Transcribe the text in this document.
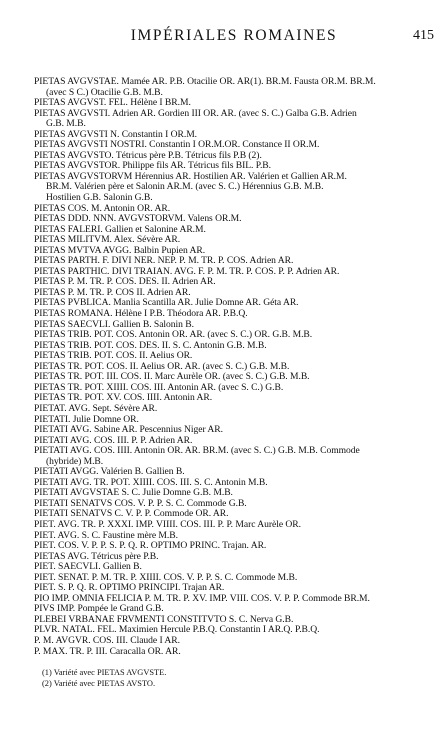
IMPÉRIALES ROMAINES	415
PIETAS AVGVSTAE. Mamée AR. P.B. Otacilie OR. AR(1). BR.M. Fausta OR.M. BR.M.
(avec S C.) Otacilie G.B. M.B.
PIETAS AVGVST. FEL. Hélène I BR.M.
PIETAS AVGVSTI. Adrien AR. Gordien III OR. AR. (avec S. C.) Galba G.B. Adrien
G.B. M.B.
PIETAS AVGVSTI N. Constantin I OR.M.
PIETAS AVGVSTI NOSTRI. Constantin I OR.M.OR. Constance II OR.M.
PIETAS AVGVSTO. Tétricus père P.B. Tétricus fils P.B (2).
PIETAS AVGVSTOR. Philippe fils AR. Tétricus fils BIL. P.B.
PIETAS AVGVSTORVM Hérennius AR. Hostilien AR. Valérien et Gallien AR.M.
BR.M. Valérien père et Salonin AR.M. (avec S. C.) Hérennius G.B. M.B.
Hostilien G.B. Salonin G.B.
PIETAS COS. M. Antonin OR. AR.
PIETAS DDD. NNN. AVGVSTORVM. Valens OR.M.
PIETAS FALERI. Gallien et Salonine AR.M.
PIETAS MILITVM. Alex. Sévère AR.
PIETAS MVTVA AVGG. Balbin Pupien AR.
PIETAS PARTH. F. DIVI NER. NEP. P. M. TR. P. COS. Adrien AR.
PIETAS PARTHIC. DIVI TRAIAN. AVG. F. P. M. TR. P. COS. P. P. Adrien AR.
PIETAS P. M. TR. P. COS. DES. II. Adrien AR.
PIETAS P. M. TR. P. COS II. Adrien AR.
PIETAS PVBLICA. Manlia Scantilla AR. Julie Domne AR. Géta AR.
PIETAS ROMANA. Hélène I P.B. Théodora AR. P.B.Q.
PIETAS SAECVLI. Gallien B. Salonin B.
PIETAS TRIB. POT. COS. Antonin OR. AR. (avec S. C.) OR. G.B. M.B.
PIETAS TRIB. POT. COS. DES. II. S. C. Antonin G.B. M.B.
PIETAS TRIB. POT. COS. II. Aelius OR.
PIETAS TR. POT. COS. II. Aelius OR. AR. (avec S. C.) G.B. M.B.
PIETAS TR. POT. III. COS. II. Marc Aurèle OR. (avec S. C.) G.B. M.B.
PIETAS TR. POT. XIIII. COS. III. Antonin AR. (avec S. C.) G.B.
PIETAS TR. POT. XV. COS. IIII. Antonin AR.
PIETAT. AVG. Sept. Sévère AR.
PIETATI. Julie Domne OR.
PIETATI AVG. Sabine AR. Pescennius Niger AR.
PIETATI AVG. COS. III. P. P. Adrien AR.
PIETATI AVG. COS. IIII. Antonin OR. AR. BR.M. (avec S. C.) G.B. M.B. Commode
(hybride) M.B.
PIETATI AVGG. Valérien B. Gallien B.
PIETATI AVG. TR. POT. XIIII. COS. III. S. C. Antonin M.B.
PIETATI AVGVSTAE S. C. Julie Domne G.B. M.B.
PIETATI SENATVS COS. V. P. P. S. C. Commode G.B.
PIETATI SENATVS C. V. P. P. Commode OR. AR.
PIET. AVG. TR. P. XXXI. IMP. VIIII. COS. III. P. P. Marc Aurèle OR.
PIET. AVG. S. C. Faustine mère M.B.
PIET. COS. V. P. P. S. P. Q. R. OPTIMO PRINC. Trajan. AR.
PIETAS AVG. Tétricus père P.B.
PIET. SAECVLI. Gallien B.
PIET. SENAT. P. M. TR. P. XIIII. COS. V. P. P. S. C. Commode M.B.
PIET. S. P. Q. R. OPTIMO PRINCIPI. Trajan AR.
PIO IMP. OMNIA FELICIA P. M. TR. P. XV. IMP. VIII. COS. V. P. P. Commode BR.M.
PIVS IMP. Pompée le Grand G.B.
PLEBEI VRBANAE FRVMENTI CONSTITVTO S. C. Nerva G.B.
PLVR. NATAL. FEL. Maximien Hercule P.B.Q. Constantin I AR.Q. P.B.Q.
P. M. AVGVR. COS. III. Claude I AR.
P. MAX. TR. P. III. Caracalla OR. AR.
(1) Variété avec PIETAS AVGVSTE.
(2) Variété avec PIETAS AVSTO.
